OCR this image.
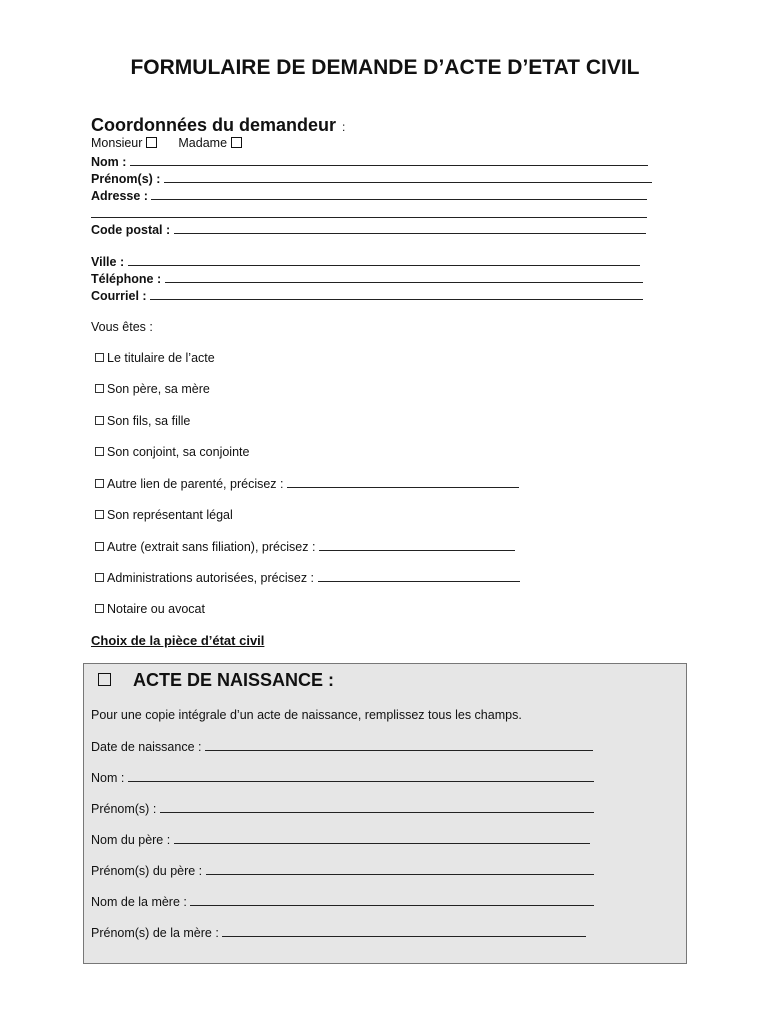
FORMULAIRE DE DEMANDE D’ACTE D’ETAT CIVIL
Coordonnées du demandeur :
Monsieur	Madame
Nom :
Prénom(s) :
Adresse :
Code postal :
Ville :
Téléphone :
Courriel :
Vous êtes :
Le titulaire de l’acte
Son père, sa mère
Son fils, sa fille
Son conjoint, sa conjointe
Autre lien de parenté, précisez :
Son représentant légal
Autre (extrait sans filiation), précisez :
Administrations autorisées, précisez :
Notaire ou avocat
Choix de la pièce d’état civil
ACTE DE NAISSANCE :
Pour une copie intégrale d’un acte de naissance, remplissez tous les champs.
Date de naissance :
Nom :
Prénom(s) :
Nom du père :
Prénom(s) du père :
Nom de la mère :
Prénom(s) de la mère :
